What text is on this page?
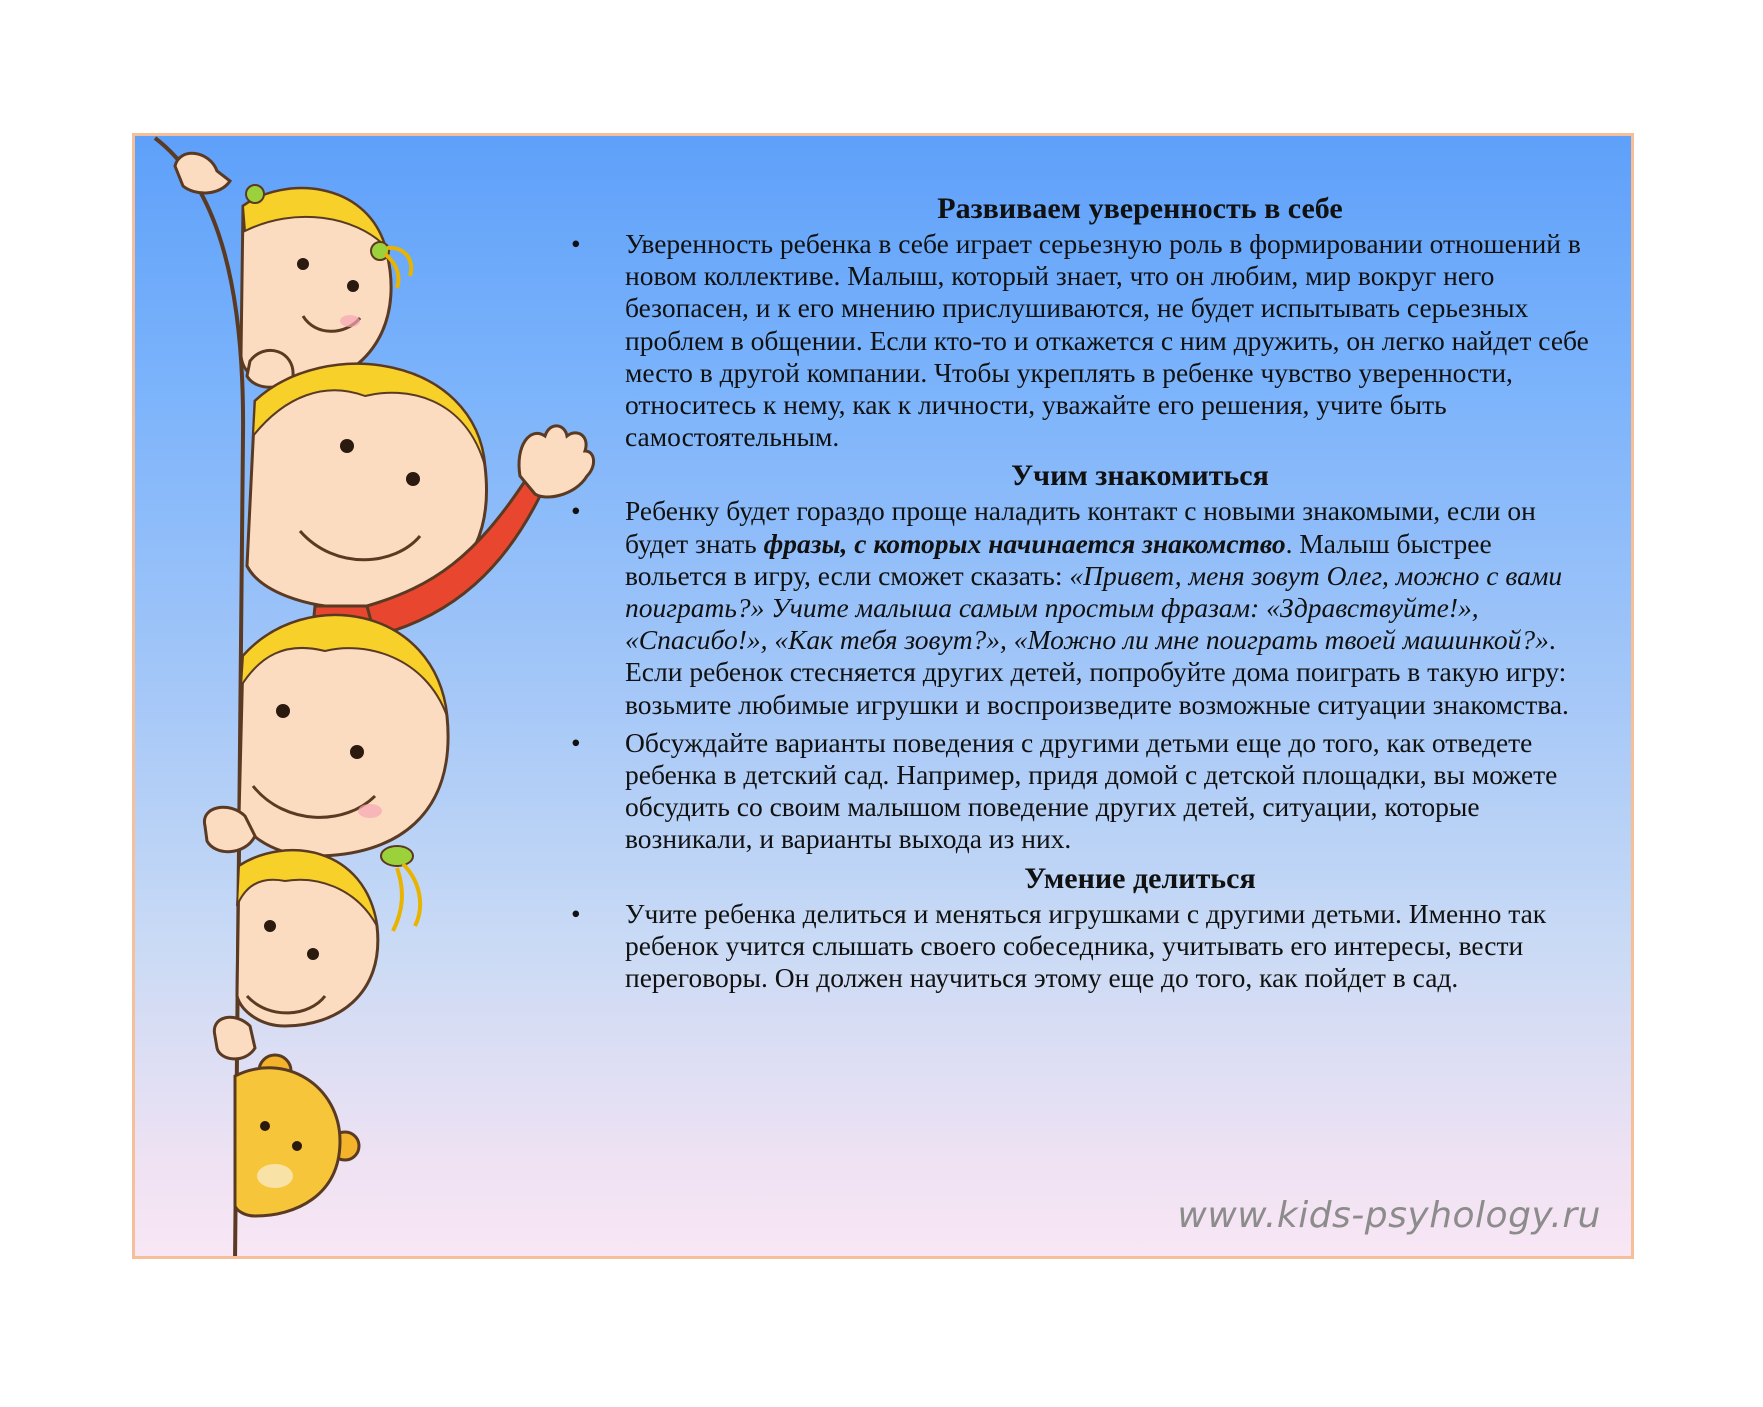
Развиваем уверенность в себе
• Уверенность ребенка в себе играет серьезную роль в формировании отношений в новом коллективе. Малыш, который знает, что он любим, мир вокруг него безопасен, и к его мнению прислушиваются, не будет испытывать серьезных проблем в общении. Если кто-то и откажется с ним дружить, он легко найдет себе место в другой компании. Чтобы укреплять в ребенке чувство уверенности, относитесь к нему, как к личности, уважайте его решения, учите быть самостоятельным.
Учим знакомиться
• Ребенку будет гораздо проще наладить контакт с новыми знакомыми, если он будет знать фразы, с которых начинается знакомство. Малыш быстрее вольется в игру, если сможет сказать: «Привет, меня зовут Олег, можно с вами поиграть?» Учите малыша самым простым фразам: «Здравствуйте!», «Спасибо!», «Как тебя зовут?», «Можно ли мне поиграть твоей машинкой?». Если ребенок стесняется других детей, попробуйте дома поиграть в такую игру: возьмите любимые игрушки и воспроизведите возможные ситуации знакомства.
• Обсуждайте варианты поведения с другими детьми еще до того, как отведете ребенка в детский сад. Например, придя домой с детской площадки, вы можете обсудить со своим малышом поведение других детей, ситуации, которые возникали, и варианты выхода из них.
Умение делиться
• Учите ребенка делиться и меняться игрушками с другими детьми. Именно так ребенок учится слышать своего собеседника, учитывать его интересы, вести переговоры. Он должен научиться этому еще до того, как пойдет в сад.
www.kids-psyhology.ru
